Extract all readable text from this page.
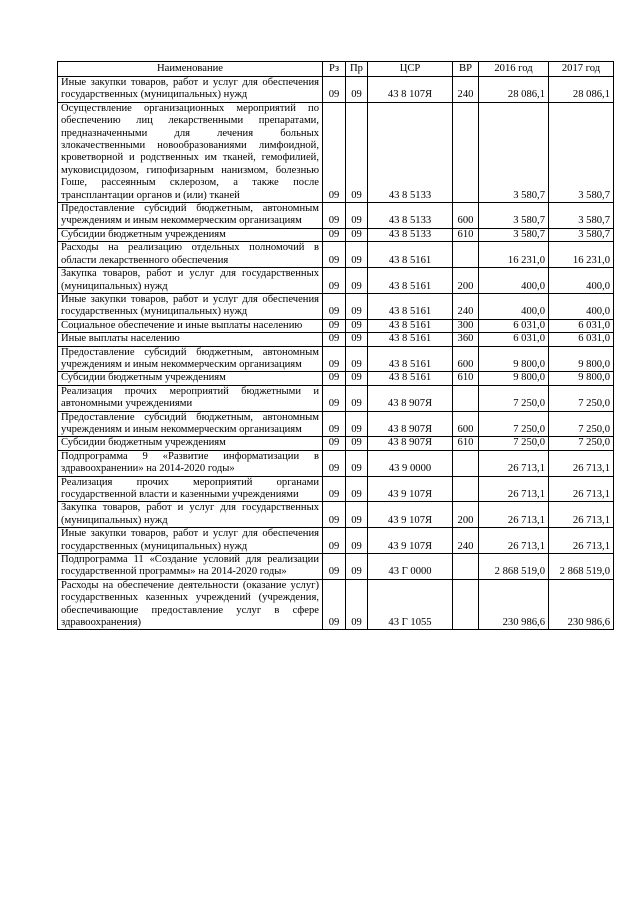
Наименование	Рз	Пр	ЦСР	ВР	2016 год	2017 год
Иные закупки товаров, работ и услуг для обеспечения государственных (муниципальных) нужд	09	09	43 8 107Я	240	28 086,1	28 086,1
Осуществление организационных мероприятий по обеспечению лиц лекарственными препаратами, предназначенными для лечения больных злокачественными новообразованиями лимфоидной, кроветворной и родственных им тканей, гемофилией, муковисцидозом, гипофизарным нанизмом, болезнью Гоше, рассеянным склерозом, а также после трансплантации органов и (или) тканей	09	09	43 8 5133		3 580,7	3 580,7
Предоставление субсидий бюджетным, автономным учреждениям и иным некоммерческим организациям	09	09	43 8 5133	600	3 580,7	3 580,7
Субсидии бюджетным учреждениям	09	09	43 8 5133	610	3 580,7	3 580,7
Расходы на реализацию отдельных полномочий в области лекарственного обеспечения	09	09	43 8 5161		16 231,0	16 231,0
Закупка товаров, работ и услуг для государственных (муниципальных) нужд	09	09	43 8 5161	200	400,0	400,0
Иные закупки товаров, работ и услуг для обеспечения государственных (муниципальных) нужд	09	09	43 8 5161	240	400,0	400,0
Социальное обеспечение и иные выплаты населению	09	09	43 8 5161	300	6 031,0	6 031,0
Иные выплаты населению	09	09	43 8 5161	360	6 031,0	6 031,0
Предоставление субсидий бюджетным, автономным учреждениям и иным некоммерческим организациям	09	09	43 8 5161	600	9 800,0	9 800,0
Субсидии бюджетным учреждениям	09	09	43 8 5161	610	9 800,0	9 800,0
Реализация прочих мероприятий бюджетными и автономными учреждениями	09	09	43 8 907Я		7 250,0	7 250,0
Предоставление субсидий бюджетным, автономным учреждениям и иным некоммерческим организациям	09	09	43 8 907Я	600	7 250,0	7 250,0
Субсидии бюджетным учреждениям	09	09	43 8 907Я	610	7 250,0	7 250,0
Подпрограмма 9 «Развитие информатизации в здравоохранении» на 2014-2020 годы»	09	09	43 9 0000		26 713,1	26 713,1
Реализация прочих мероприятий органами государственной власти и казенными учреждениями	09	09	43 9 107Я		26 713,1	26 713,1
Закупка товаров, работ и услуг для государственных (муниципальных) нужд	09	09	43 9 107Я	200	26 713,1	26 713,1
Иные закупки товаров, работ и услуг для обеспечения государственных (муниципальных) нужд	09	09	43 9 107Я	240	26 713,1	26 713,1
Подпрограмма 11 «Создание условий для реализации государственной программы» на 2014-2020 годы»	09	09	43 Г 0000		2 868 519,0	2 868 519,0
Расходы на обеспечение деятельности (оказание услуг) государственных казенных учреждений (учреждения, обеспечивающие предоставление услуг в сфере здравоохранения)	09	09	43 Г 1055		230 986,6	230 986,6
